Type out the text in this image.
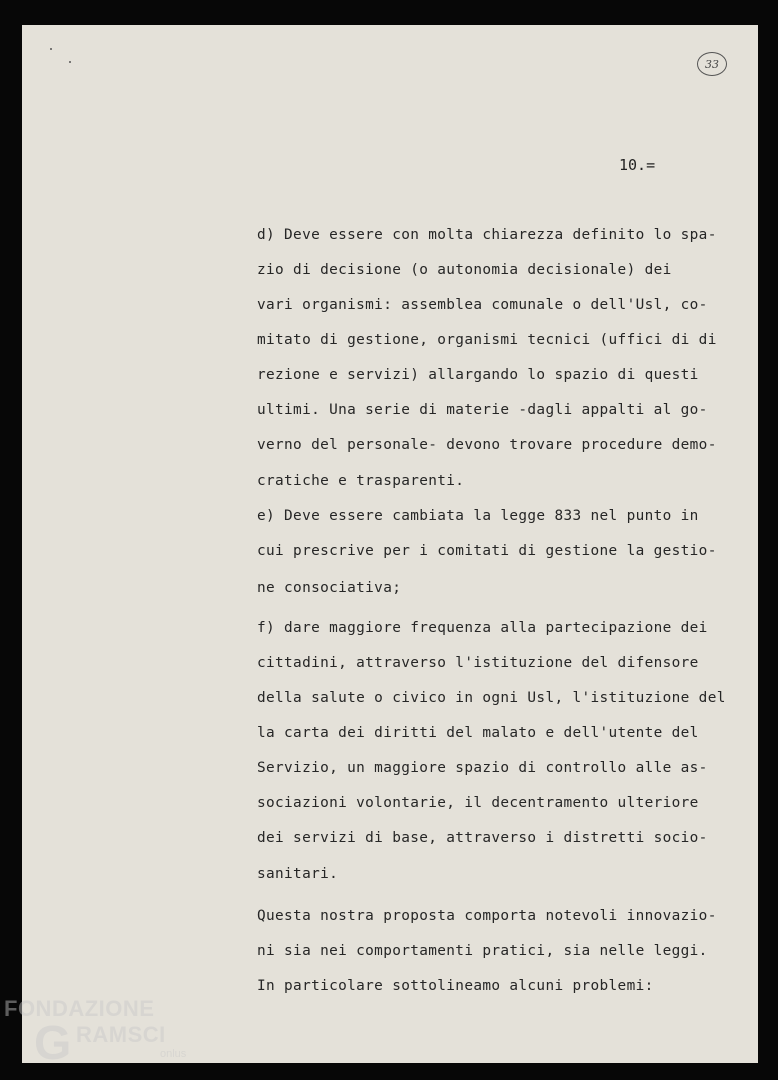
33
10.=
d) Deve essere con molta chiarezza definito lo spa-
zio di decisione (o autonomia decisionale) dei
vari organismi: assemblea comunale o dell'Usl, co-
mitato di gestione, organismi tecnici (uffici di di
rezione e servizi) allargando lo spazio di questi
ultimi. Una serie di materie -dagli appalti al go-
verno del personale- devono trovare procedure demo-
cratiche e trasparenti.
e) Deve essere cambiata la legge 833 nel punto in
cui prescrive per i comitati di gestione la gestio-
ne consociativa;
f) dare maggiore frequenza alla partecipazione dei
cittadini, attraverso l'istituzione del difensore
della salute o civico in ogni Usl, l'istituzione del
la carta dei diritti del malato e dell'utente del
Servizio, un maggiore spazio di controllo alle as-
sociazioni volontarie, il decentramento ulteriore
dei servizi di base, attraverso i distretti socio-
sanitari.
Questa nostra proposta comporta notevoli innovazio-
ni sia nei comportamenti pratici, sia nelle leggi.
In particolare sottolineamo alcuni problemi:
FONDAZIONE
G RAMSCI
onlus
